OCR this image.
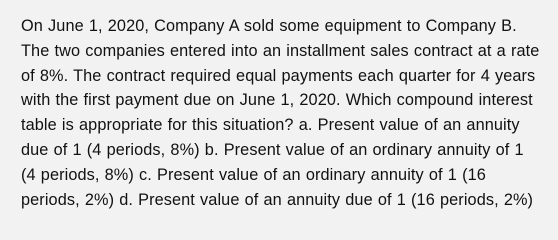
On June 1, 2020, Company A sold some equipment to Company B. The two companies entered into an installment sales contract at a rate of 8%. The contract required equal payments each quarter for 4 years with the first payment due on June 1, 2020. Which compound interest table is appropriate for this situation? a. Present value of an annuity due of 1 (4 periods, 8%) b. Present value of an ordinary annuity of 1 (4 periods, 8%) c. Present value of an ordinary annuity of 1 (16 periods, 2%) d. Present value of an annuity due of 1 (16 periods, 2%)
